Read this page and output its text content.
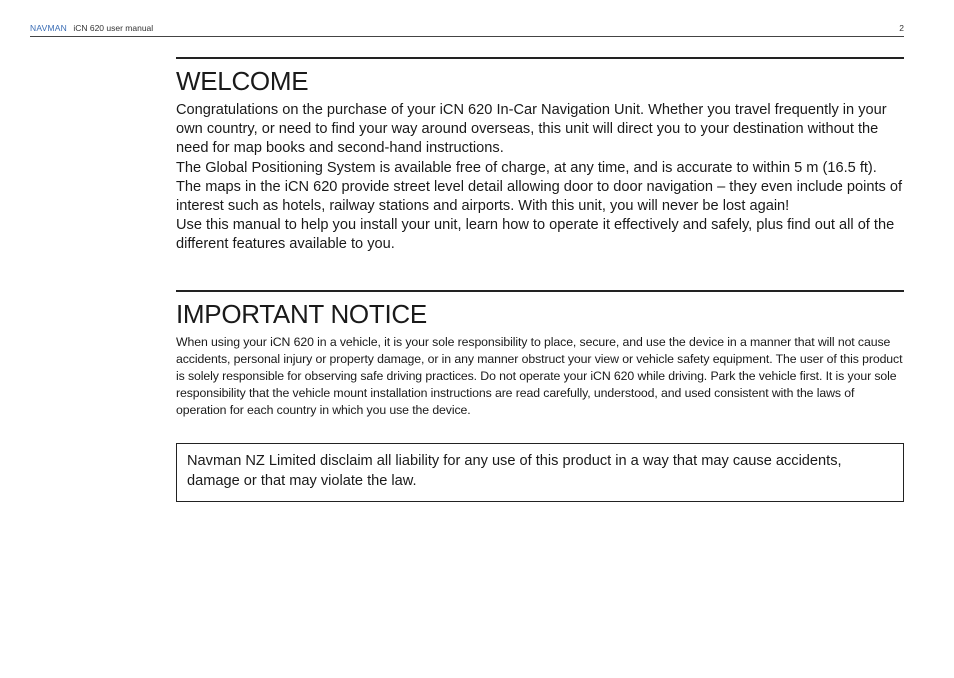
NAVMAN iCN 620 user manual	2
WELCOME

Congratulations on the purchase of your iCN 620 In-Car Navigation Unit. Whether you travel frequently in your own country, or need to find your way around overseas, this unit will direct you to your destination without the need for map books and second-hand instructions.

The Global Positioning System is available free of charge, at any time, and is accurate to within 5 m (16.5 ft). The maps in the iCN 620 provide street level detail allowing door to door navigation – they even include points of interest such as hotels, railway stations and airports. With this unit, you will never be lost again!

Use this manual to help you install your unit, learn how to operate it effectively and safely, plus find out all of the different features available to you.

IMPORTANT NOTICE

When using your iCN 620 in a vehicle, it is your sole responsibility to place, secure, and use the device in a manner that will not cause accidents, personal injury or property damage, or in any manner obstruct your view or vehicle safety equipment. The user of this product is solely responsible for observing safe driving practices. Do not operate your iCN 620 while driving. Park the vehicle first. It is your sole responsibility that the vehicle mount installation instructions are read carefully, understood, and used consistent with the laws of operation for each country in which you use the device.

Navman NZ Limited disclaim all liability for any use of this product in a way that may cause accidents, damage or that may violate the law.
